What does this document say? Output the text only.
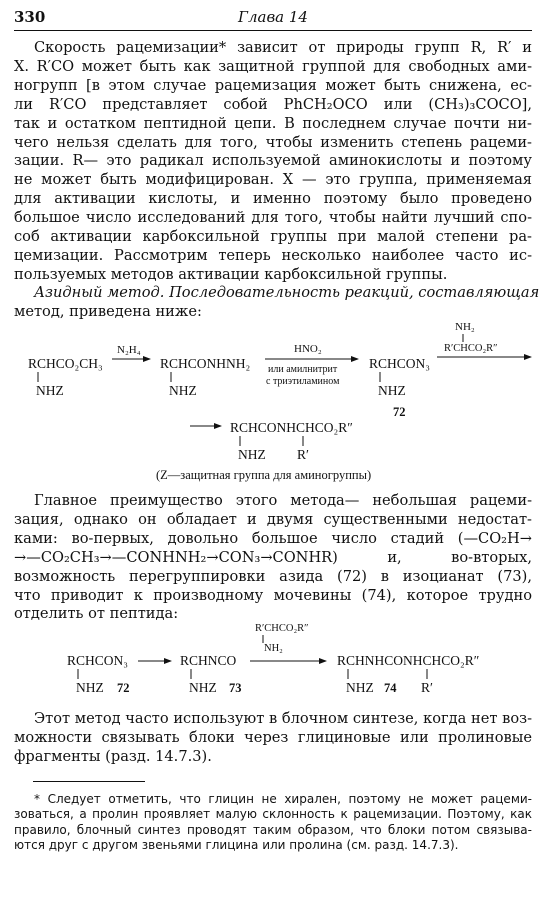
330	Глава 14
Скорость рацемизации* зависит от природы групп R, R′ и
X. R′CO может быть как защитной группой для свободных ами-
ногрупп [в этом случае рацемизация может быть снижена, ес-
ли R′CO представляет собой PhCH₂OCO или (CH₃)₃COCO],
так и остатком пептидной цепи. В последнем случае почти ни-
чего нельзя сделать для того, чтобы изменить степень рацеми-
зации. R— это радикал используемой аминокислоты и поэтому
не может быть модифицирован. X — это группа, применяемая
для активации кислоты, и именно поэтому было проведено
большое число исследований для того, чтобы найти лучший спо-
соб активации карбоксильной группы при малой степени ра-
цемизации. Рассмотрим теперь несколько наиболее часто ис-
пользуемых методов активации карбоксильной группы.
Азидный метод. Последовательность реакций, составляющая
метод, приведена ниже:
NH₂
R′CHCO₂R″
RCHCO₂CH₃
NHZ
N₂H₄
RCHCONHNH₂
NHZ
HNO₂
или амилнитрит
с триэтиламином
RCHCON₃
NHZ
72
RCHCONHCHCO₂R″
NHZ R′
(Z—защитная группа для аминогруппы)
Главное преимущество этого метода— небольшая рацеми-
зация, однако он обладает и двумя существенными недостат-
ками: во-первых, довольно большое число стадий (—CO₂H→
→—CO₂CH₃→—CONHNH₂→CON₃→CONHR) и, во-вторых,
возможность перегруппировки азида (72) в изоцианат (73),
что приводит к производному мочевины (74), которое трудно
отделить от пептида:
R′CHCO₂R″
NH₂
RCHCON₃
NHZ 72
RCHNCO
NHZ 73
RCHNHCONHCHCO₂R″
NHZ 74 R′
Этот метод часто используют в блочном синтезе, когда нет воз-
можности связывать блоки через глициновые или пролиновые
фрагменты (разд. 14.7.3).
* Следует отметить, что глицин не хирален, поэтому не может рацеми-
зоваться, а пролин проявляет малую склонность к рацемизации. Поэтому, как
правило, блочный синтез проводят таким образом, что блоки потом связыва-
ются друг с другом звеньями глицина или пролина (см. разд. 14.7.3).
